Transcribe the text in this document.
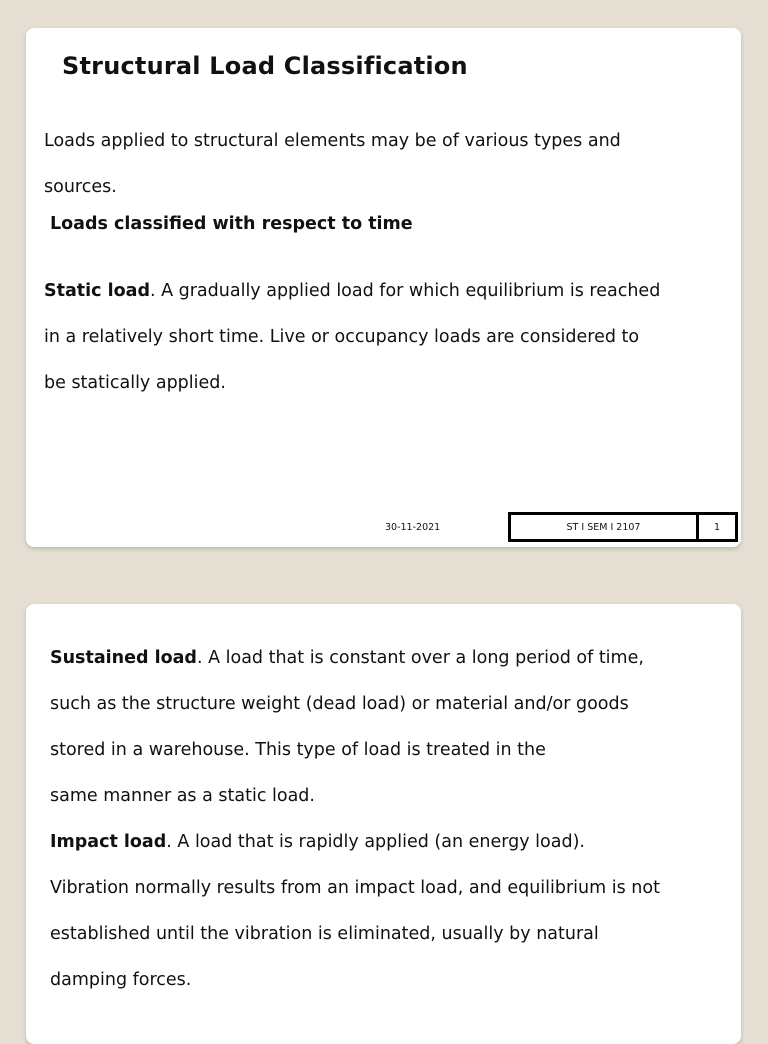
Structural Load Classification
Loads applied to structural elements may be of various types and
sources.
Loads classified with respect to time
Static load. A gradually applied load for which equilibrium is reached
in a relatively short time. Live or occupancy loads are considered to
be statically applied.
30-11-2021	ST I SEM I 2107	1
Sustained load. A load that is constant over a long period of time,
such as the structure weight (dead load) or material and/or goods
stored in a warehouse. This type of load is treated in the
same manner as a static load.
Impact load. A load that is rapidly applied (an energy load).
Vibration normally results from an impact load, and equilibrium is not
established until the vibration is eliminated, usually by natural
damping forces.
